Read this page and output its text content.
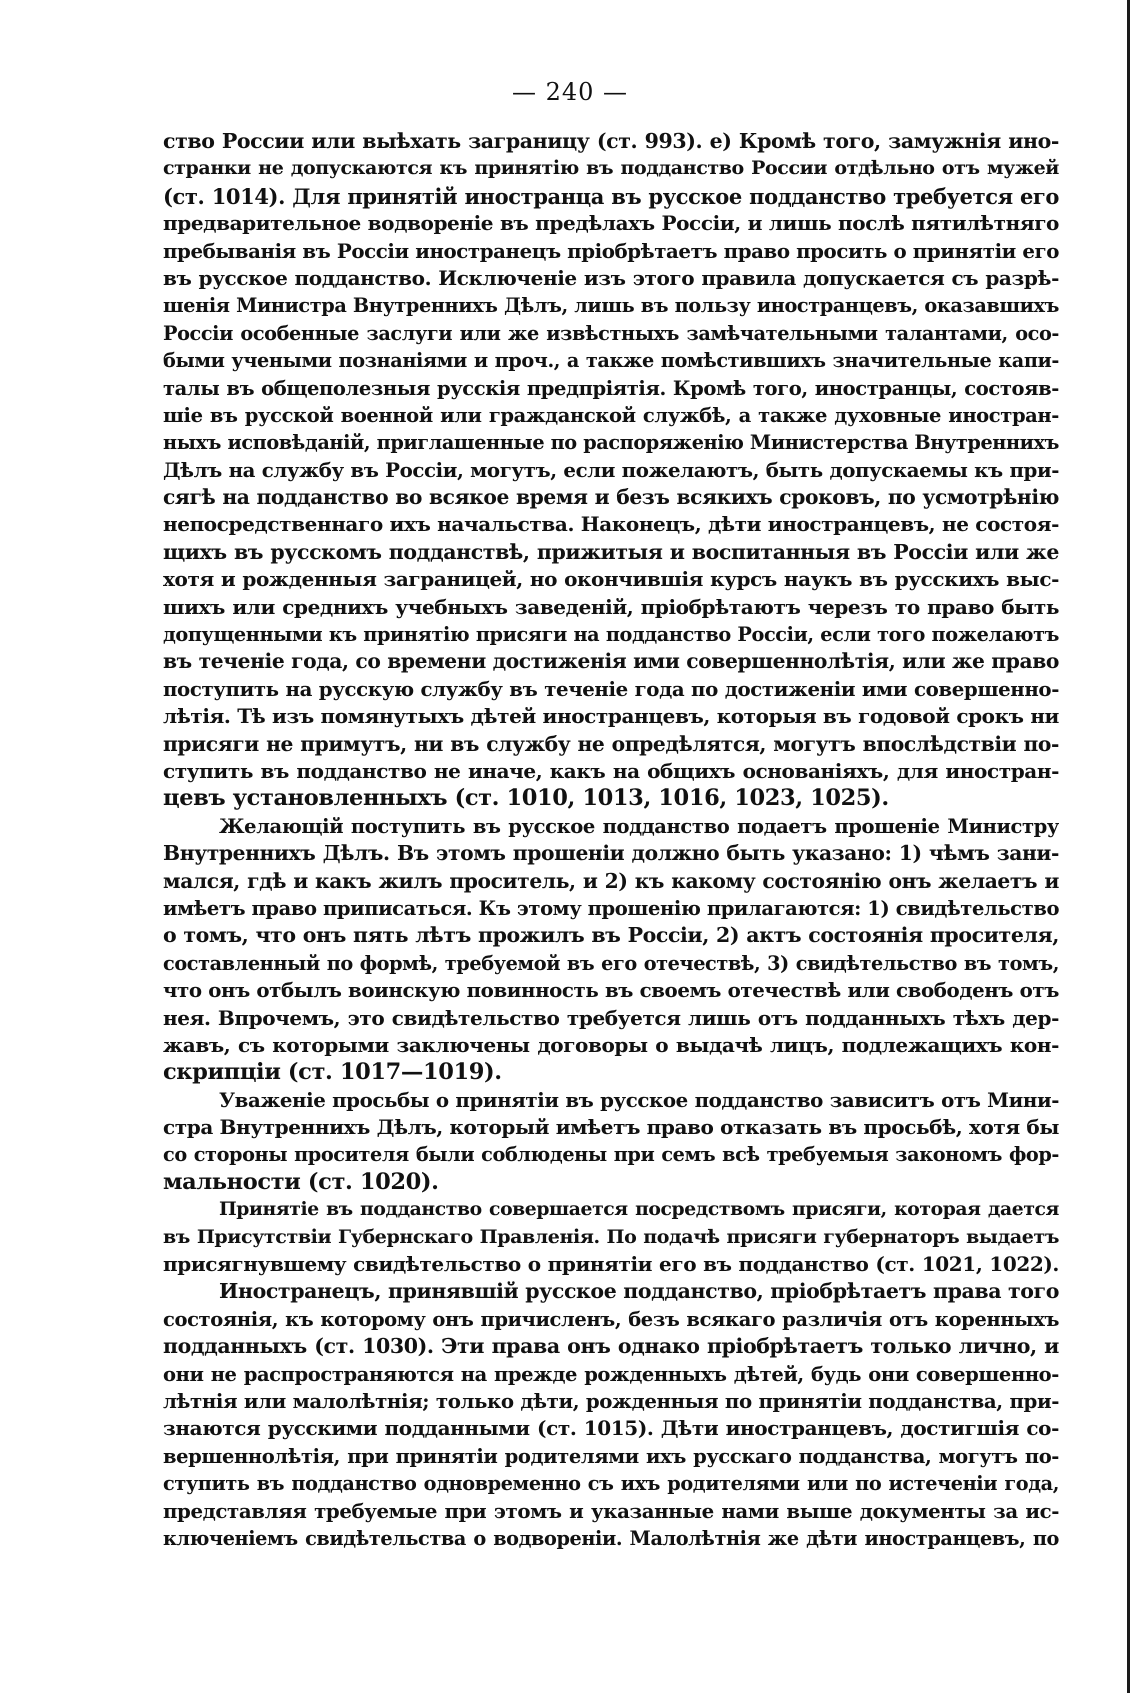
— 240 —
ство России или выѣхать заграницу (ст. 993). е) Кромѣ того, замужнія ино-
странки не допускаются къ принятію въ подданство России отдѣльно отъ мужей
(ст. 1014). Для принятій иностранца въ русское подданство требуется его
предварительное водвореніе въ предѣлахъ Россіи, и лишь послѣ пятилѣтняго
пребыванія въ Россіи иностранецъ пріобрѣтаетъ право просить о принятіи его
въ русское подданство. Исключеніе изъ этого правила допускается съ разрѣ-
шенія Министра Внутреннихъ Дѣлъ, лишь въ пользу иностранцевъ, оказавшихъ
Россіи особенные заслуги или же извѣстныхъ замѣчательными талантами, осо-
быми учеными познаніями и проч., а также помѣстившихъ значительные капи-
талы въ общеполезныя русскія предпріятія. Кромѣ того, иностранцы, состояв-
шіе въ русской военной или гражданской службѣ, а также духовные иностран-
ныхъ исповѣданій, приглашенные по распоряженію Министерства Внутреннихъ
Дѣлъ на службу въ Россіи, могутъ, если пожелаютъ, быть допускаемы къ при-
сягѣ на подданство во всякое время и безъ всякихъ сроковъ, по усмотрѣнію
непосредственнаго ихъ начальства. Наконецъ, дѣти иностранцевъ, не состоя-
щихъ въ русскомъ подданствѣ, прижитыя и воспитанныя въ Россіи или же
хотя и рожденныя заграницей, но окончившія курсъ наукъ въ русскихъ выс-
шихъ или среднихъ учебныхъ заведеній, пріобрѣтаютъ черезъ то право быть
допущенными къ принятію присяги на подданство Россіи, если того пожелаютъ
въ теченіе года, со времени достиженія ими совершеннолѣтія, или же право
поступить на русскую службу въ теченіе года по достиженіи ими совершенно-
лѣтія. Тѣ изъ помянутыхъ дѣтей иностранцевъ, которыя въ годовой срокъ ни
присяги не примутъ, ни въ службу не опредѣлятся, могутъ впослѣдствіи по-
ступить въ подданство не иначе, какъ на общихъ основаніяхъ, для иностран-
цевъ установленныхъ (ст. 1010, 1013, 1016, 1023, 1025).
Желающій поступить въ русское подданство подаетъ прошеніе Министру
Внутреннихъ Дѣлъ. Въ этомъ прошеніи должно быть указано: 1) чѣмъ зани-
мался, гдѣ и какъ жилъ проситель, и 2) къ какому состоянію онъ желаетъ и
имѣетъ право приписаться. Къ этому прошенію прилагаются: 1) свидѣтельство
о томъ, что онъ пять лѣтъ прожилъ въ Россіи, 2) актъ состоянія просителя,
составленный по формѣ, требуемой въ его отечествѣ, 3) свидѣтельство въ томъ,
что онъ отбылъ воинскую повинность въ своемъ отечествѣ или свободенъ отъ
нея. Впрочемъ, это свидѣтельство требуется лишь отъ подданныхъ тѣхъ дер-
жавъ, съ которыми заключены договоры о выдачѣ лицъ, подлежащихъ кон-
скрипціи (ст. 1017—1019).
Уваженіе просьбы о принятіи въ русское подданство зависитъ отъ Мини-
стра Внутреннихъ Дѣлъ, который имѣетъ право отказать въ просьбѣ, хотя бы
со стороны просителя были соблюдены при семъ всѣ требуемыя закономъ фор-
мальности (ст. 1020).
Принятіе въ подданство совершается посредствомъ присяги, которая дается
въ Присутствіи Губернскаго Правленія. По подачѣ присяги губернаторъ выдаетъ
присягнувшему свидѣтельство о принятіи его въ подданство (ст. 1021, 1022).
Иностранецъ, принявшій русское подданство, пріобрѣтаетъ права того
состоянія, къ которому онъ причисленъ, безъ всякаго различія отъ коренныхъ
подданныхъ (ст. 1030). Эти права онъ однако пріобрѣтаетъ только лично, и
они не распространяются на прежде рожденныхъ дѣтей, будь они совершенно-
лѣтнія или малолѣтнія; только дѣти, рожденныя по принятіи подданства, при-
знаются русскими подданными (ст. 1015). Дѣти иностранцевъ, достигшія со-
вершеннолѣтія, при принятіи родителями ихъ русскаго подданства, могутъ по-
ступить въ подданство одновременно съ ихъ родителями или по истеченіи года,
представляя требуемые при этомъ и указанные нами выше документы за ис-
ключеніемъ свидѣтельства о водвореніи. Малолѣтнія же дѣти иностранцевъ, по
